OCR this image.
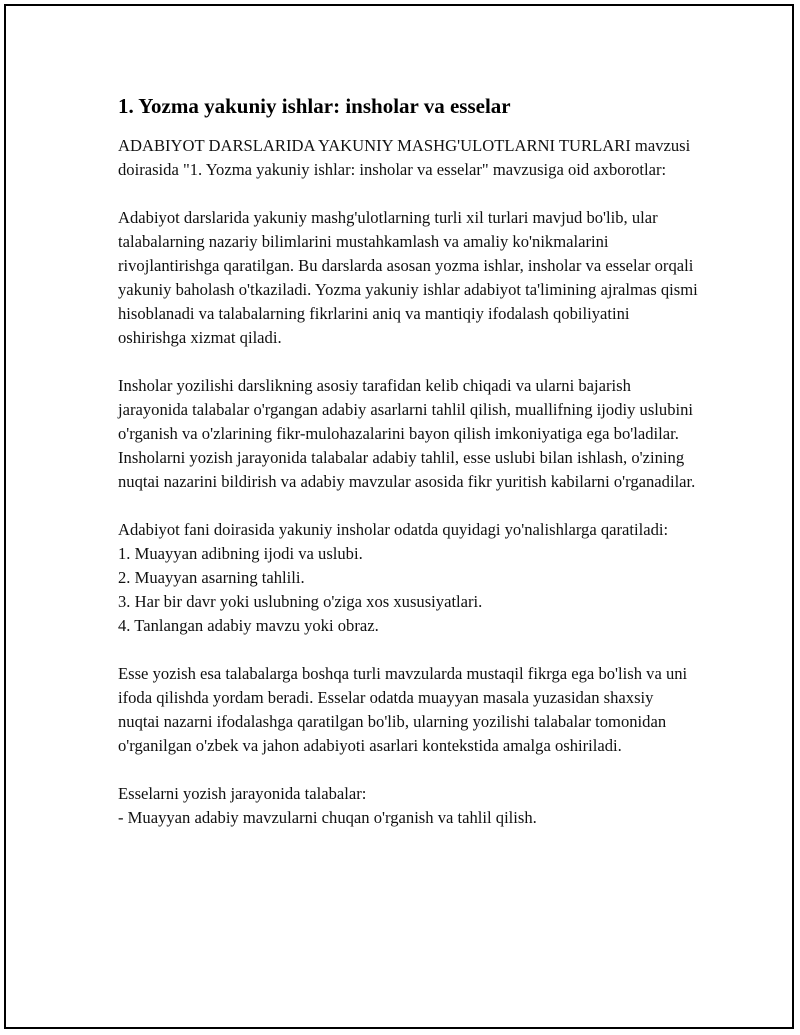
1. Yozma yakuniy ishlar: insholar va esselar

ADABIYOT DARSLARIDA YAKUNIY MASHG'ULOTLARNI TURLARI mavzusi doirasida "1. Yozma yakuniy ishlar: insholar va esselar" mavzusiga oid axborotlar:

Adabiyot darslarida yakuniy mashg'ulotlarning turli xil turlari mavjud bo'lib, ular talabalarning nazariy bilimlarini mustahkamlash va amaliy ko'nikmalarini rivojlantirishga qaratilgan. Bu darslarda asosan yozma ishlar, insholar va esselar orqali yakuniy baholash o'tkaziladi. Yozma yakuniy ishlar adabiyot ta'limining ajralmas qismi hisoblanadi va talabalarning fikrlarini aniq va mantiqiy ifodalash qobiliyatini oshirishga xizmat qiladi.

Insholar yozilishi darslikning asosiy tarafidan kelib chiqadi va ularni bajarish jarayonida talabalar o'rgangan adabiy asarlarni tahlil qilish, muallifning ijodiy uslubini o'rganish va o'zlarining fikr-mulohazalarini bayon qilish imkoniyatiga ega bo'ladilar. Insholarni yozish jarayonida talabalar adabiy tahlil, esse uslubi bilan ishlash, o'zining nuqtai nazarini bildirish va adabiy mavzular asosida fikr yuritish kabilarni o'rganadilar.

Adabiyot fani doirasida yakuniy insholar odatda quyidagi yo'nalishlarga qaratiladi:

1. Muayyan adibning ijodi va uslubi.
2. Muayyan asarning tahlili.
3. Har bir davr yoki uslubning o'ziga xos xususiyatlari.
4. Tanlangan adabiy mavzu yoki obraz.

Esse yozish esa talabalarga boshqa turli mavzularda mustaqil fikrga ega bo'lish va uni ifoda qilishda yordam beradi. Esselar odatda muayyan masala yuzasidan shaxsiy nuqtai nazarni ifodalashga qaratilgan bo'lib, ularning yozilishi talabalar tomonidan o'rganilgan o'zbek va jahon adabiyoti asarlari kontekstida amalga oshiriladi.

Esselarni yozish jarayonida talabalar:

- Muayyan adabiy mavzularni chuqan o'rganish va tahlil qilish.
